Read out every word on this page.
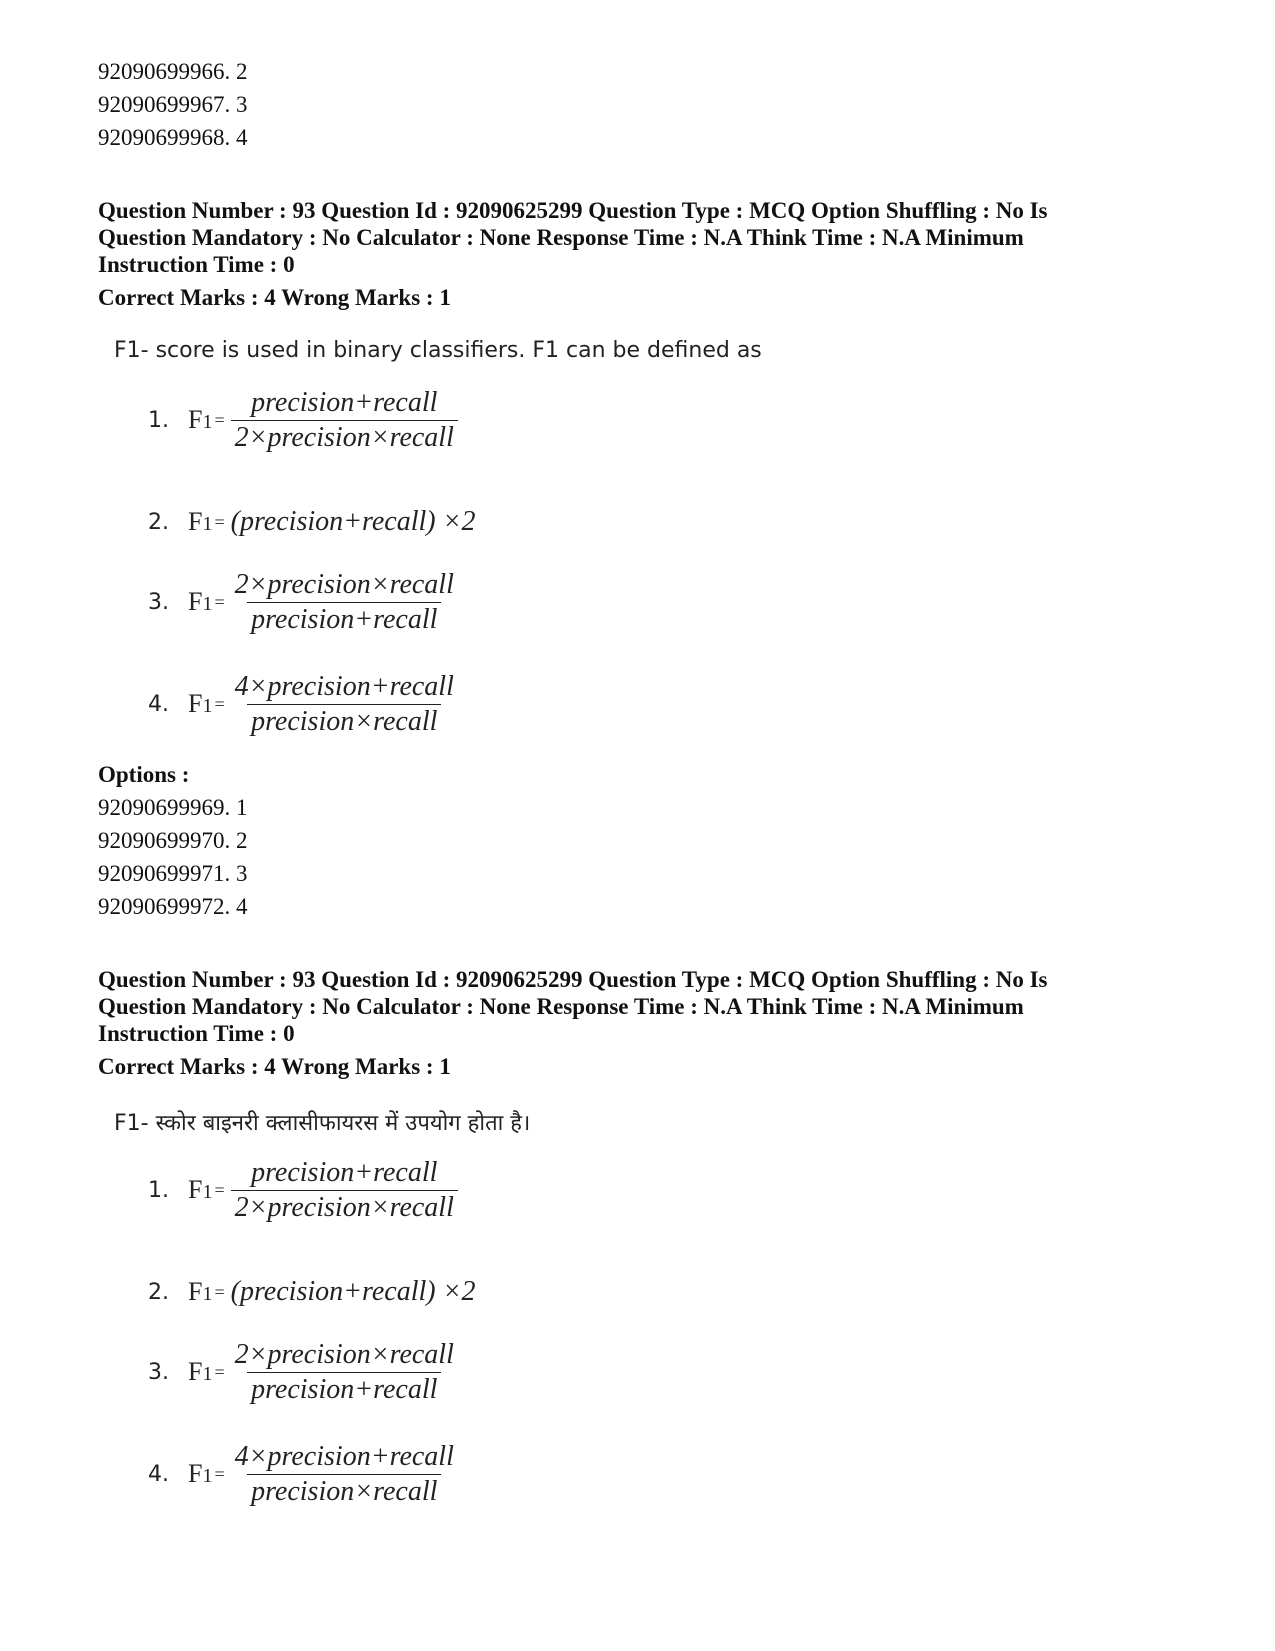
92090699966. 2
92090699967. 3
92090699968. 4
Question Number : 93 Question Id : 92090625299 Question Type : MCQ Option Shuffling : No Is
Question Mandatory : No Calculator : None Response Time : N.A Think Time : N.A Minimum
Instruction Time : 0
Correct Marks : 4 Wrong Marks : 1
F1- score is used in binary classifiers. F1 can be defined as
1. $F1 = \frac{\text{precision+recall}}{\text{2×precision×recall}}$
2. F1 = (precision+recall) ×2
3. $F1 = \frac{\text{2×precision×recall}}{\text{precision+recall}}$
4. $F1 = \frac{\text{4×precision+recall}}{\text{precision×recall}}$
Options :
92090699969. 1
92090699970. 2
92090699971. 3
92090699972. 4
Question Number : 93 Question Id : 92090625299 Question Type : MCQ Option Shuffling : No Is
Question Mandatory : No Calculator : None Response Time : N.A Think Time : N.A Minimum
Instruction Time : 0
Correct Marks : 4 Wrong Marks : 1
F1- स्कोर बाइनरी क्लासीफायरस में उपयोग होता है।
1. $F1 = \frac{\text{precision+recall}}{\text{2×precision×recall}}$
2. F1 = (precision+recall) ×2
3. $F1 = \frac{\text{2×precision×recall}}{\text{precision+recall}}$
4. $F1 = \frac{\text{4×precision+recall}}{\text{precision×recall}}$
